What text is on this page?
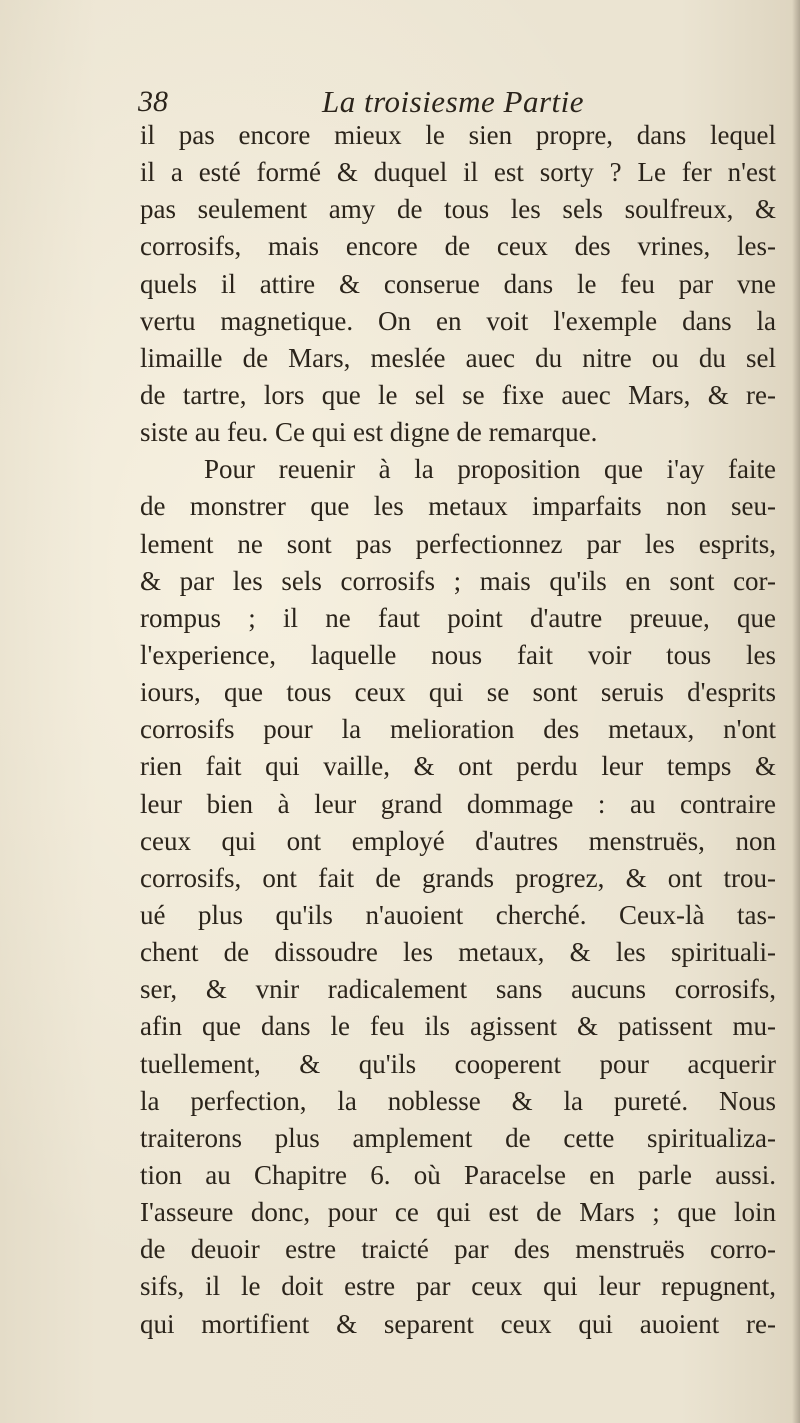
38	La troisiesme Partie
il pas encore mieux le sien propre, dans lequel
il a esté formé & duquel il est sorty ? Le fer n'est
pas seulement amy de tous les sels soulfreux, &
corrosifs, mais encore de ceux des vrines, les-
quels il attire & conserue dans le feu par vne
vertu magnetique. On en voit l'exemple dans la
limaille de Mars, meslée auec du nitre ou du sel
de tartre, lors que le sel se fixe auec Mars, & re-
siste au feu. Ce qui est digne de remarque.
Pour reuenir à la proposition que i'ay faite
de monstrer que les metaux imparfaits non seu-
lement ne sont pas perfectionnez par les esprits,
& par les sels corrosifs ; mais qu'ils en sont cor-
rompus ; il ne faut point d'autre preuue, que
l'experience, laquelle nous fait voir tous les
iours, que tous ceux qui se sont seruis d'esprits
corrosifs pour la melioration des metaux, n'ont
rien fait qui vaille, & ont perdu leur temps &
leur bien à leur grand dommage : au contraire
ceux qui ont employé d'autres menstruës, non
corrosifs, ont fait de grands progrez, & ont trou-
ué plus qu'ils n'auoient cherché. Ceux-là tas-
chent de dissoudre les metaux, & les spirituali-
ser, & vnir radicalement sans aucuns corrosifs,
afin que dans le feu ils agissent & patissent mu-
tuellement, & qu'ils cooperent pour acquerir
la perfection, la noblesse & la pureté. Nous
traiterons plus amplement de cette spiritualiza-
tion au Chapitre 6. où Paracelse en parle aussi.
I'asseure donc, pour ce qui est de Mars ; que loin
de deuoir estre traicté par des menstruës corro-
sifs, il le doit estre par ceux qui leur repugnent,
qui mortifient & separent ceux qui auoient re-
